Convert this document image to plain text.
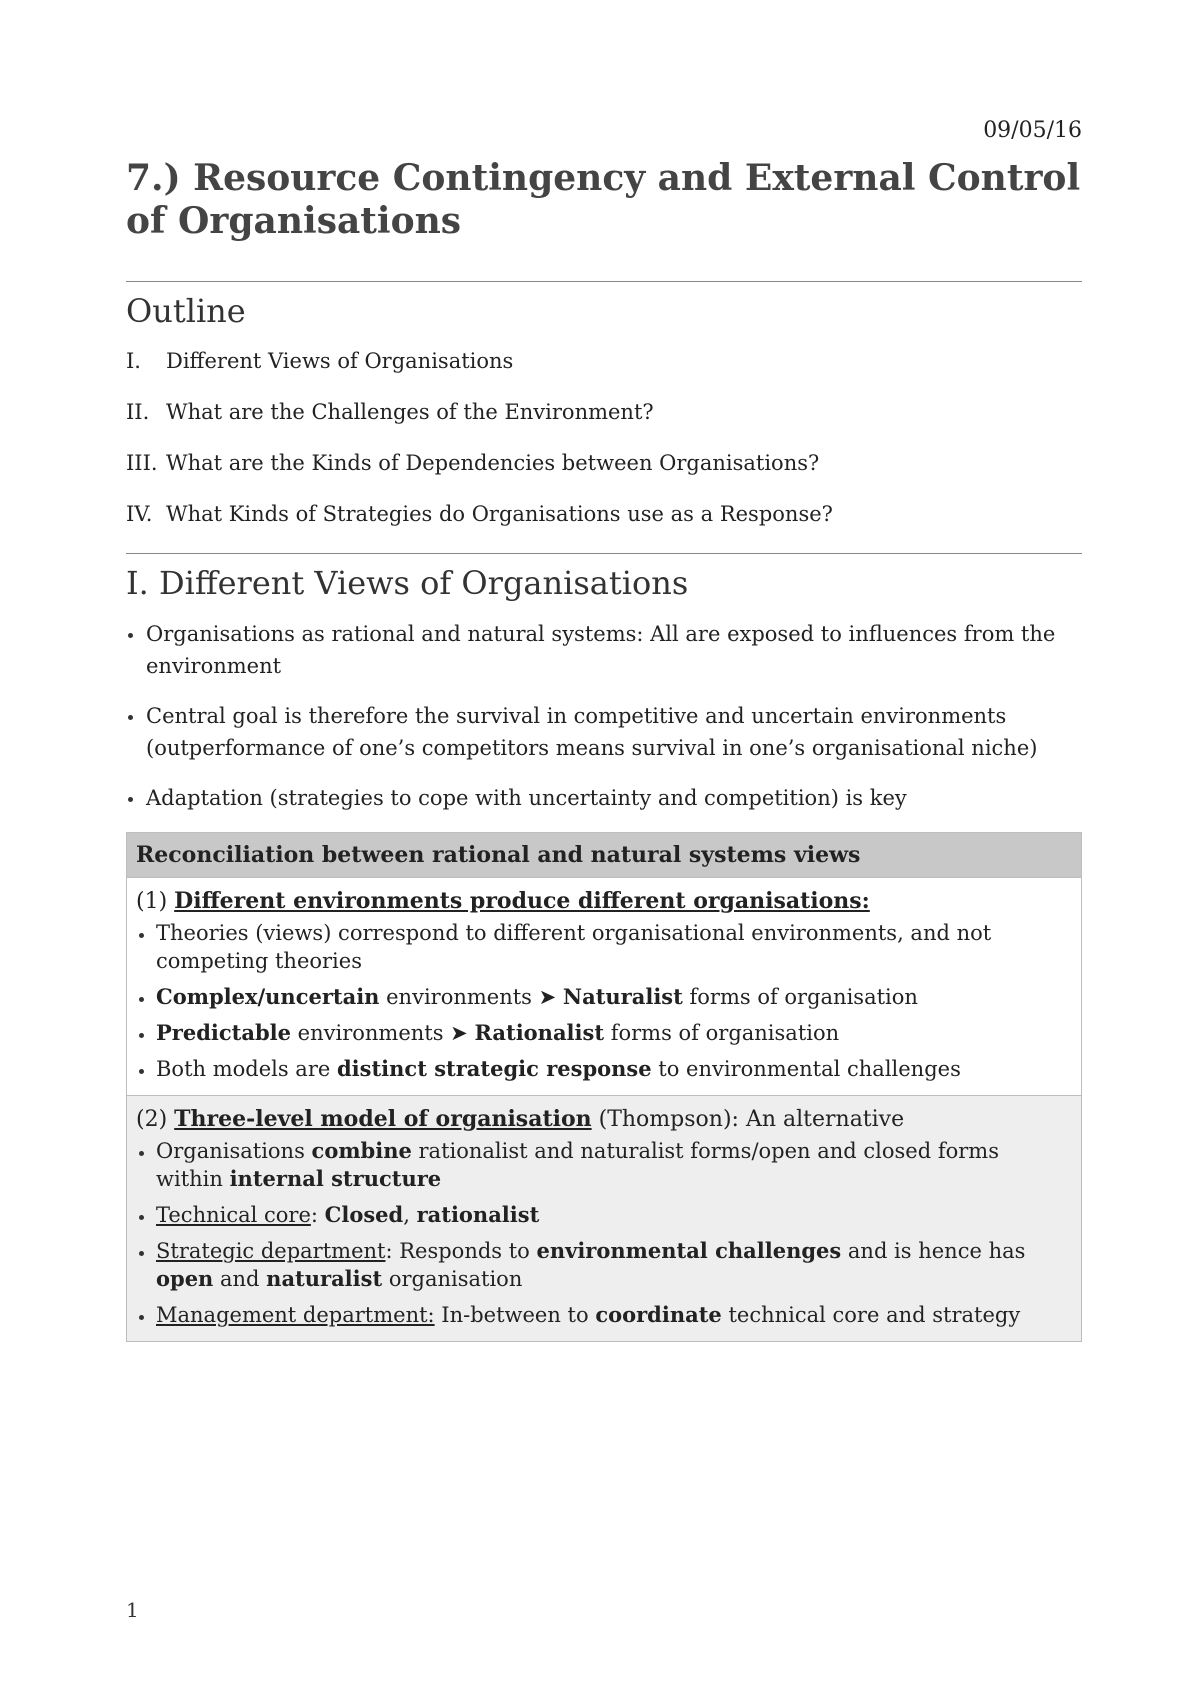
09/05/16
7.) Resource Contingency and External Control of Organisations
Outline
I.	Different Views of Organisations
II. What are the Challenges of the Environment?
III. What are the Kinds of Dependencies between Organisations?
IV. What Kinds of Strategies do Organisations use as a Response?
I. Different Views of Organisations
Organisations as rational and natural systems: All are exposed to influences from the environment
Central goal is therefore the survival in competitive and uncertain environments (outperformance of one’s competitors means survival in one’s organisational niche)
Adaptation (strategies to cope with uncertainty and competition) is key
Reconciliation between rational and natural systems views
(1) Different environments produce different organisations:
Theories (views) correspond to different organisational environments, and not competing theories
Complex/uncertain environments ➤ Naturalist forms of organisation
Predictable environments ➤ Rationalist forms of organisation
Both models are distinct strategic response to environmental challenges
(2) Three-level model of organisation (Thompson): An alternative
Organisations combine rationalist and naturalist forms/open and closed forms within internal structure
Technical core: Closed, rationalist
Strategic department: Responds to environmental challenges and is hence has open and naturalist organisation
Management department: In-between to coordinate technical core and strategy
1
